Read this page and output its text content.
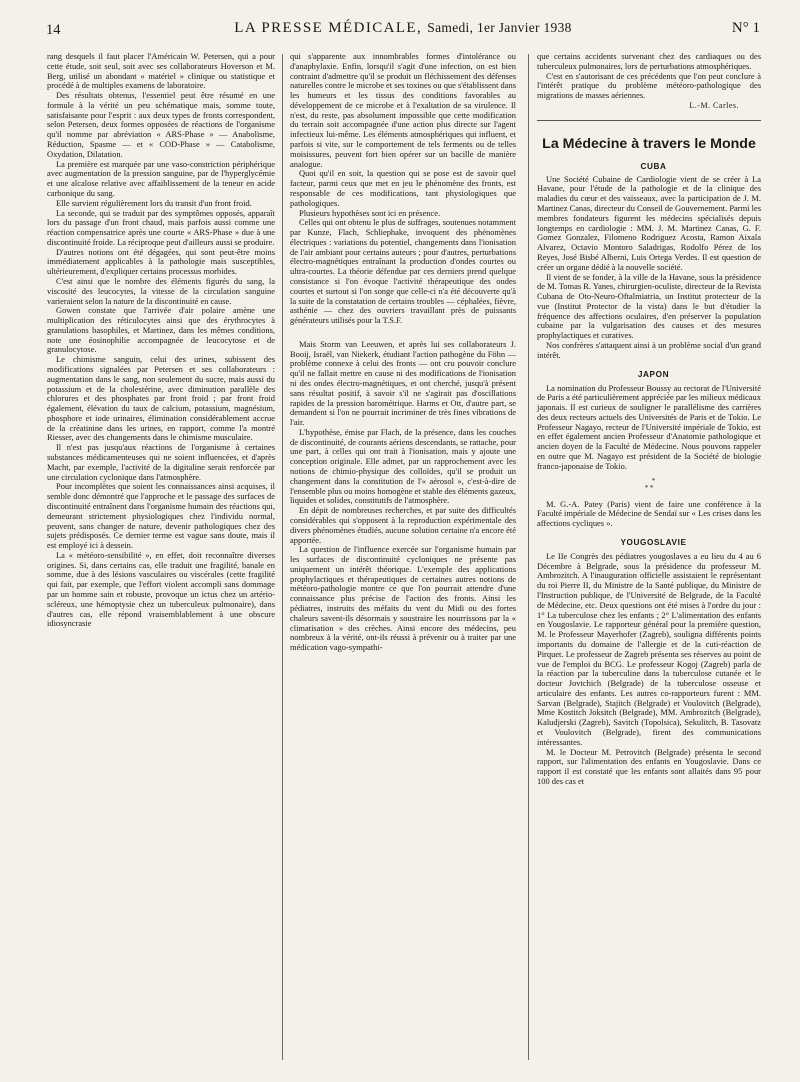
14	LA PRESSE MÉDICALE, Samedi, 1er Janvier 1938	N° 1

rang desquels il faut placer l'Américain W. Petersen, qui a pour cette étude, soit seul, soit avec ses collaborateurs Hoverson et M. Berg, utilisé un abondant « matériel » clinique ou statistique et procédé à de multiples examens de laboratoire.

Des résultats obtenus, l'essentiel peut être résumé en une formule à la vérité un peu schématique mais, somme toute, satisfaisante pour l'esprit : aux deux types de fronts correspondent, selon Petersen, deux formes opposées de réactions de l'organisme qu'il nomme par abréviation « ARS-Phase » — Anabolisme, Réduction, Spasme — et « COD-Phase » — Catabolisme, Oxydation, Dilatation.

La première est marquée par une vaso-constriction périphérique avec augmentation de la pression sanguine, par de l'hyperglycémie et une alcalose relative avec affaiblissement de la teneur en acide carbonique du sang.

Elle survient régulièrement lors du transit d'un front froid.

La seconde, qui se traduit par des symptômes opposés, apparaît lors du passage d'un front chaud, mais parfois aussi comme une réaction compensatrice après une courte « ARS-Phase » due à une discontinuité froide. La réciproque peut d'ailleurs aussi se produire.

D'autres notions ont été dégagées, qui sont peut-être moins immédiatement applicables à la pathologie mais susceptibles, ultérieurement, d'expliquer certains processus morbides.

C'est ainsi que le nombre des éléments figurés du sang, la viscosité des leucocytes, la vitesse de la circulation sanguine varieraient selon la nature de la discontinuité en cause.

Gowen constate que l'arrivée d'air polaire amène une multiplication des réticulocytes ainsi que des érythrocytes à granulations basophiles, et Martinez, dans les mêmes conditions, note une éosinophilie accompagnée de leucocytose et de granulocytose.

Le chimisme sanguin, celui des urines, subissent des modifications signalées par Petersen et ses collaborateurs : augmentation dans le sang, non seulement du sucre, mais aussi du potassium et de la cholestérine, avec diminution parallèle des chlorures et des phosphates par front froid ; par front froid également, élévation du taux de calcium, potassium, magnésium, phosphore et iode urinaires, élimination considérablement accrue de la créatinine dans les urines, en rapport, comme l'a montré Riesser, avec des changements dans le chimisme musculaire.

Il n'est pas jusqu'aux réactions de l'organisme à certaines substances médicamenteuses qui ne soient influencées, et d'après Macht, par exemple, l'activité de la digitaline serait renforcée par une circulation cyclonique dans l'atmosphère.

Pour incomplètes que soient les connaissances ainsi acquises, il semble donc démontré que l'approche et le passage des surfaces de discontinuité entraînent dans l'organisme humain des réactions qui, demeurant strictement physiologiques chez l'individu normal, peuvent, sans changer de nature, devenir pathologiques chez des sujets prédisposés. Ce dernier terme est vague sans doute, mais il est employé ici à dessein.

La « météoro-sensibilité », en effet, doit reconnaître diverses origines. Si, dans certains cas, elle traduit une fragilité, banale en somme, due à des lésions vasculaires ou viscérales (cette fragilité qui fait, par exemple, que l'effort violent accompli sans dommage par un homme sain et robuste, provoque un ictus chez un artério-scléreux, une hémoptysie chez un tuberculeux pulmonaire), dans d'autres cas, elle répond vraisemblablement à une obscure idiosyncrasie

qui s'apparente aux innombrables formes d'intolérance ou d'anaphylaxie. Enfin, lorsqu'il s'agit d'une infection, on est bien contraint d'admettre qu'il se produit un fléchissement des défenses naturelles contre le microbe et ses toxines ou que s'établissent dans les humeurs et les tissus des conditions favorables au développement de ce microbe et à l'exaltation de sa virulence. Il n'est, du reste, pas absolument impossible que cette modification du terrain soit accompagnée d'une action plus directe sur l'agent infectieux lui-même. Les éléments atmosphériques qui influent, et parfois si vite, sur le comportement de tels ferments ou de telles moisissures, peuvent fort bien opérer sur un bacille de manière analogue.

Quoi qu'il en soit, la question qui se pose est de savoir quel facteur, parmi ceux que met en jeu le phénomène des fronts, est responsable de ces modifications, tant physiologiques que pathologiques.

Plusieurs hypothèses sont ici en présence.

Celles qui ont obtenu le plus de suffrages, soutenues notamment par Kunze, Flach, Schliephake, invoquent des phénomènes électriques : variations du potentiel, changements dans l'ionisation de l'air ambiant pour certains auteurs ; pour d'autres, perturbations électro-magnétiques entraînant la production d'ondes courtes ou ultra-courtes. La théorie défendue par ces derniers prend quelque consistance si l'on évoque l'activité thérapeutique des ondes courtes et surtout si l'on songe que celle-ci n'a été découverte qu'à la suite de la constatation de certains troubles — céphalées, fièvre, asthénie — chez des ouvriers travaillant près de puissants générateurs utilisés pour la T.S.F.

Mais Storm van Leeuwen, et après lui ses collaborateurs J. Booij, Israël, van Niekerk, étudiant l'action pathogène du Föhn — problème connexe à celui des fronts — ont cru pouvoir conclure qu'il ne fallait mettre en cause ni des modifications de l'ionisation ni des ondes électro-magnétiques, et ont cherché, jusqu'à présent sans résultat positif, à savoir s'il ne s'agirait pas d'oscillations rapides de la pression barométrique. Harms et Ott, d'autre part, se demandent si l'on ne pourrait incriminer de très fines vibrations de l'air.

L'hypothèse, émise par Flach, de la présence, dans les couches de discontinuité, de courants aériens descendants, se rattache, pour une part, à celles qui ont trait à l'ionisation, mais y ajoute une conception originale. Elle admet, par un rapprochement avec les notions de chimio-physique des colloïdes, qu'il se produit un changement dans la constitution de l'« aérosol », c'est-à-dire de l'ensemble plus ou moins homogène et stable des éléments gazeux, liquides et solides, constitutifs de l'atmosphère.

En dépit de nombreuses recherches, et par suite des difficultés considérables qui s'opposent à la reproduction expérimentale des divers phénomènes étudiés, aucune solution certaine n'a encore été apportée.

La question de l'influence exercée sur l'organisme humain par les surfaces de discontinuité cycloniques ne présente pas uniquement un intérêt théorique. L'exemple des applications prophylactiques et thérapeutiques de certaines autres notions de météoro-pathologie montre ce que l'on pourrait attendre d'une connaissance plus précise de l'action des fronts. Ainsi les pédiatres, instruits des méfaits du vent du Midi ou des fortes chaleurs savent-ils désormais y soustraire les nourrissons par la « climatisation » des crèches. Ainsi encore des médecins, peu nombreux à la vérité, ont-ils réussi à prévenir ou à traiter par une médication vago-sympathi-

que certains accidents survenant chez des cardiaques ou des tuberculeux pulmonaires, lors de perturbations atmosphériques.

C'est en s'autorisant de ces précédents que l'on peut conclure à l'intérêt pratique du problème météoro-pathologique des migrations de masses aériennes.

L.-M. Carles.

La Médecine à travers le Monde

CUBA

Une Société Cubaine de Cardiologie vient de se créer à La Havane, pour l'étude de la pathologie et de la clinique des maladies du cœur et des vaisseaux, avec la participation de J. M. Martinez Canas, directeur du Conseil de Gouvernement. Parmi les membres fondateurs figurent les médecins spécialisés depuis longtemps en cardiologie : MM. J. M. Martinez Canas, G. F. Gomez Gonzalez, Filomeno Rodriguez Acosta, Ramon Aixala Alvarez, Octavio Montoro Saladrigas, Rodolfo Pérez de los Reyes, José Bisbé Alberni, Luis Ortega Verdes. Il est question de créer un organe dédié à la nouvelle société.

Il vient de se fonder, à la ville de la Havane, sous la présidence de M. Tomas R. Yanes, chirurgien-oculiste, directeur de la Revista Cubana de Oto-Neuro-Oftalmiatria, un Institut protecteur de la vue (Institut Protector de la vista) dans le but d'étudier la fréquence des affections oculaires, d'en préserver la population cubaine par la vulgarisation des causes et des mesures prophylactiques et curatives.

Nos confrères s'attaquent ainsi à un problème social d'un grand intérêt.

JAPON

La nomination du Professeur Boussy au rectorat de l'Université de Paris a été particulièrement appréciée par les milieux médicaux japonais. Il est curieux de souligner le parallélisme des carrières des deux recteurs actuels des Universités de Paris et de Tokio. Le Professeur Nagayo, recteur de l'Université impériale de Tokio, est en effet également ancien Professeur d'Anatomie pathologique et ancien doyen de la Faculté de Médecine. Nous pouvons rappeler en outre que M. Nagayo est président de la Société de biologie franco-japonaise de Tokio.

*
* *

M. G.-A. Patey (Paris) vient de faire une conférence à la Faculté impériale de Médecine de Sendaï sur « Les crises dans les affections cycliques ».

YOUGOSLAVIE

Le IIe Congrès des pédiatres yougoslaves a eu lieu du 4 au 6 Décembre à Belgrade, sous la présidence du professeur M. Ambrozitch. A l'inauguration officielle assistaient le représentant du roi Pierre II, du Ministre de la Santé publique, du Ministre de l'Instruction publique, de l'Université de Belgrade, de la Faculté de Médecine, etc. Deux questions ont été mises à l'ordre du jour : 1° La tuberculose chez les enfants ; 2° L'alimentation des enfants en Yougoslavie. Le rapporteur général pour la première question, M. le Professeur Mayerhofer (Zagreb), souligna différents points importants du domaine de l'allergie et de la cuti-réaction de Pirquet. Le professeur de Zagreb présenta ses réserves au point de vue de l'emploi du BCG. Le professeur Kogoj (Zagreb) parla de la réaction par la tuberculine dans la tuberculose cutanée et le docteur Jovtchich (Belgrade) de la tuberculose osseuse et articulaire des enfants. Les autres co-rapporteurs furent : MM. Sarvan (Belgrade), Stajitch (Belgrade) et Voulovitch (Belgrade), Mme Kostitch Joksitch (Belgrade), MM. Ambrozitch (Belgrade), Kaludjerski (Zagreb), Savitch (Topolsica), Sekulitch, B. Tasovatz et Voulovitch (Belgrade), firent des communications intéressantes.

M. le Docteur M. Petrovitch (Belgrade) présenta le second rapport, sur l'alimentation des enfants en Yougoslavie. Dans ce rapport il est constaté que les enfants sont allaités dans 95 pour 100 des cas et
